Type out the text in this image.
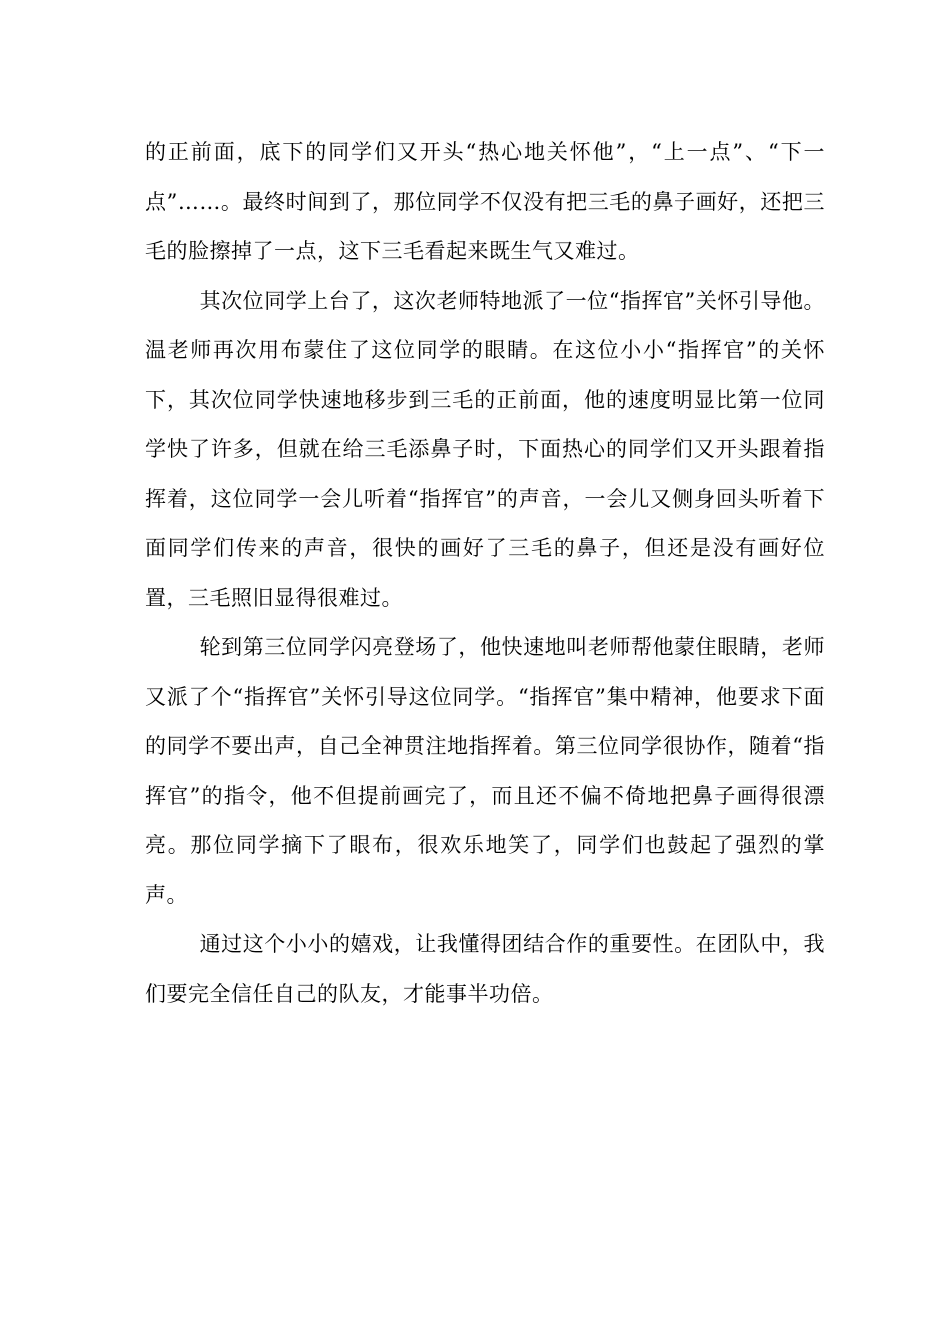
的正前面，底下的同学们又开头“热心地关怀他”，“上一点”、“下一点”……。最终时间到了，那位同学不仅没有把三毛的鼻子画好，还把三毛的脸擦掉了一点，这下三毛看起来既生气又难过。

其次位同学上台了，这次老师特地派了一位“指挥官”关怀引导他。温老师再次用布蒙住了这位同学的眼睛。在这位小小“指挥官”的关怀下，其次位同学快速地移步到三毛的正前面，他的速度明显比第一位同学快了许多，但就在给三毛添鼻子时，下面热心的同学们又开头跟着指挥着，这位同学一会儿听着“指挥官”的声音，一会儿又侧身回头听着下面同学们传来的声音，很快的画好了三毛的鼻子，但还是没有画好位置，三毛照旧显得很难过。

轮到第三位同学闪亮登场了，他快速地叫老师帮他蒙住眼睛，老师又派了个“指挥官”关怀引导这位同学。“指挥官”集中精神，他要求下面的同学不要出声，自己全神贯注地指挥着。第三位同学很协作，随着“指挥官”的指令，他不但提前画完了，而且还不偏不倚地把鼻子画得很漂亮。那位同学摘下了眼布，很欢乐地笑了，同学们也鼓起了强烈的掌声。

通过这个小小的嬉戏，让我懂得团结合作的重要性。在团队中，我们要完全信任自己的队友，才能事半功倍。
